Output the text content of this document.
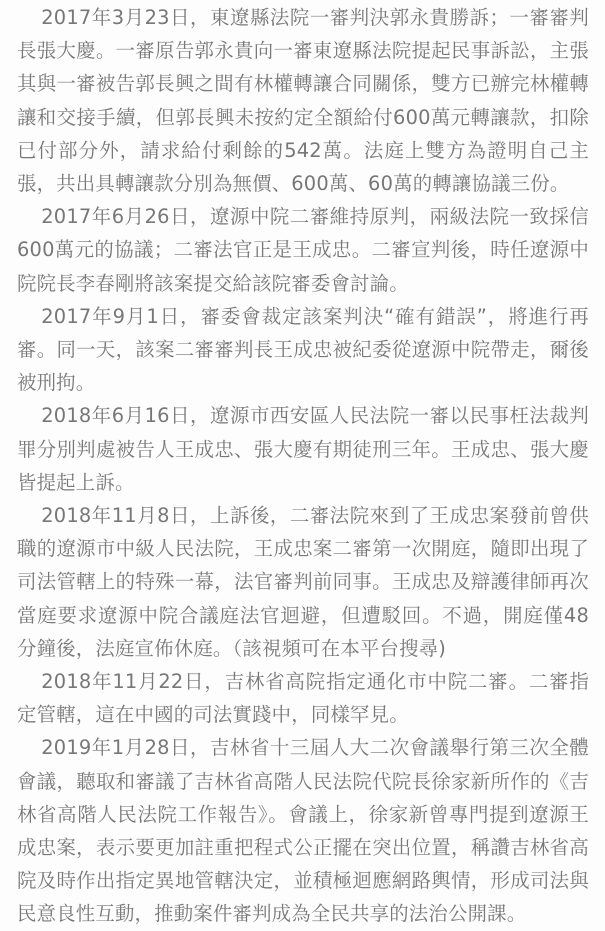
2017年3月23日，東遼縣法院一審判決郭永貴勝訴；一審審判長張大慶。一審原告郭永貴向一審東遼縣法院提起民事訴訟，主張其與一審被告郭長興之間有林權轉讓合同關係，雙方已辦完林權轉讓和交接手續，但郭長興未按約定全額給付600萬元轉讓款，扣除已付部分外，請求給付剩餘的542萬。法庭上雙方為證明自己主張，共出具轉讓款分別為無價、600萬、60萬的轉讓協議三份。

2017年6月26日，遼源中院二審維持原判，兩級法院一致採信600萬元的協議；二審法官正是王成忠。二審宣判後，時任遼源中院院長李春剛將該案提交給該院審委會討論。

2017年9月1日，審委會裁定該案判決“確有錯誤”，將進行再審。同一天，該案二審審判長王成忠被紀委從遼源中院帶走，爾後被刑拘。

2018年6月16日，遼源市西安區人民法院一審以民事枉法裁判罪分別判處被告人王成忠、張大慶有期徒刑三年。王成忠、張大慶皆提起上訴。

2018年11月8日，上訴後，二審法院來到了王成忠案發前曾供職的遼源市中級人民法院，王成忠案二審第一次開庭，隨即出現了司法管轄上的特殊一幕，法官審判前同事。王成忠及辯護律師再次當庭要求遼源中院合議庭法官迴避，但遭駁回。不過，開庭僅48分鐘後，法庭宣佈休庭。（該視頻可在本平台搜尋)

2018年11月22日，吉林省高院指定通化市中院二審。二審指定管轄，這在中國的司法實踐中，同樣罕見。

2019年1月28日，吉林省十三屆人大二次會議舉行第三次全體會議，聽取和審議了吉林省高階人民法院代院長徐家新所作的《吉林省高階人民法院工作報告》。會議上，徐家新曾專門提到遼源王成忠案，表示要更加註重把程式公正擺在突出位置，稱讚吉林省高院及時作出指定異地管轄決定，並積極迴應網路輿情，形成司法與民意良性互動，推動案件審判成為全民共享的法治公開課。
